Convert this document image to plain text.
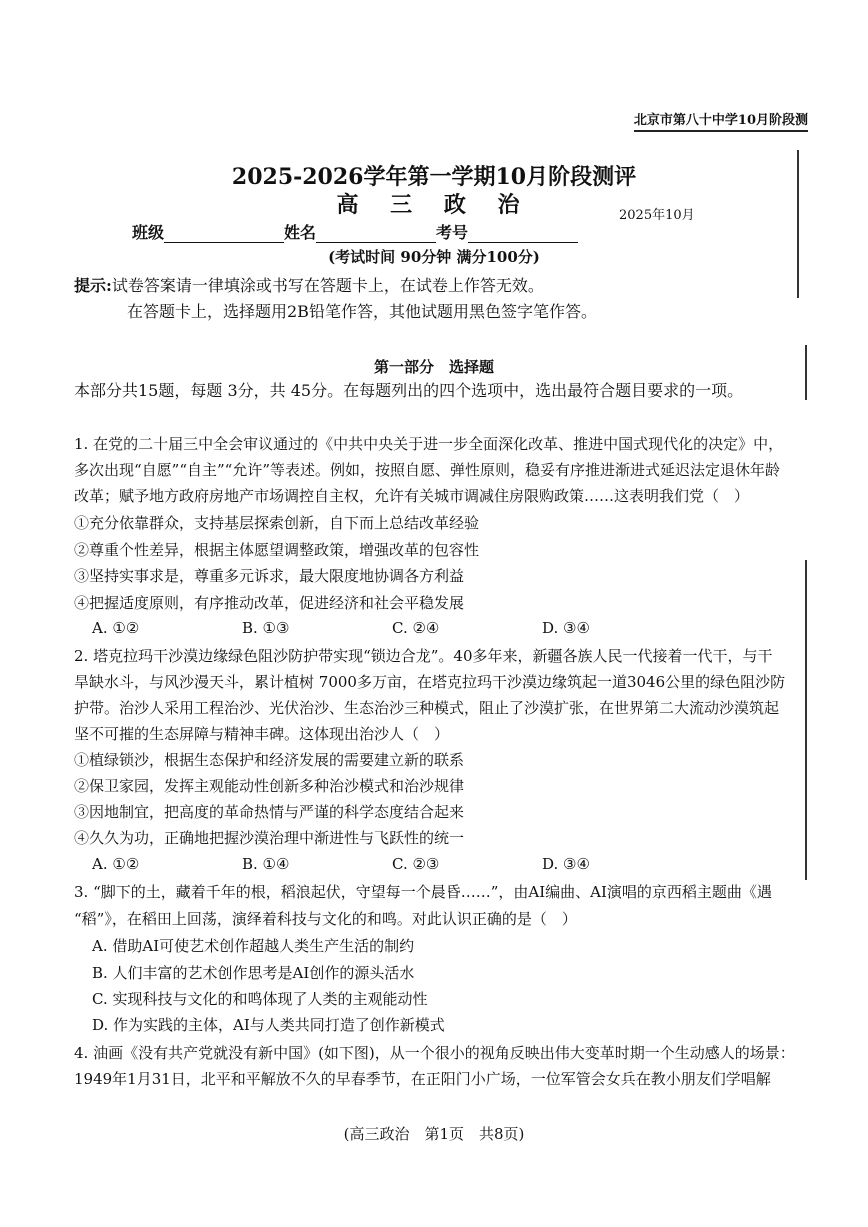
北京市第八十中学10月阶段测
2025-2026学年第一学期10月阶段测评
高 三 政 治	2025年10月
班级	姓名	考号
(考试时间 90分钟 满分100分)
提示:试卷答案请一律填涂或书写在答题卡上，在试卷上作答无效。
在答题卡上，选择题用2B铅笔作答，其他试题用黑色签字笔作答。
第一部分　选择题
本部分共15题，每题 3分，共 45分。在每题列出的四个选项中，选出最符合题目要求的一项。
1. 在党的二十届三中全会审议通过的《中共中央关于进一步全面深化改革、推进中国式现代化的决定》中，
多次出现“自愿”“自主”“允许”等表述。例如，按照自愿、弹性原则，稳妥有序推进渐进式延迟法定退休年龄
改革；赋予地方政府房地产市场调控自主权，允许有关城市调减住房限购政策……这表明我们党（　）
①充分依靠群众，支持基层探索创新，自下而上总结改革经验
②尊重个性差异，根据主体愿望调整政策，增强改革的包容性
③坚持实事求是，尊重多元诉求，最大限度地协调各方利益
④把握适度原则，有序推动改革，促进经济和社会平稳发展
A. ①②	B. ①③	C. ②④	D. ③④
2. 塔克拉玛干沙漠边缘绿色阻沙防护带实现“锁边合龙”。40多年来，新疆各族人民一代接着一代干，与干
旱缺水斗，与风沙漫天斗，累计植树 7000多万亩，在塔克拉玛干沙漠边缘筑起一道3046公里的绿色阻沙防
护带。治沙人采用工程治沙、光伏治沙、生态治沙三种模式，阻止了沙漠扩张，在世界第二大流动沙漠筑起
坚不可摧的生态屏障与精神丰碑。这体现出治沙人（　）
①植绿锁沙，根据生态保护和经济发展的需要建立新的联系
②保卫家园，发挥主观能动性创新多种治沙模式和治沙规律
③因地制宜，把高度的革命热情与严谨的科学态度结合起来
④久久为功，正确地把握沙漠治理中渐进性与飞跃性的统一
A. ①②	B. ①④	C. ②③	D. ③④
3. “脚下的土，藏着千年的根，稻浪起伏，守望每一个晨昏……”，由AI编曲、AI演唱的京西稻主题曲《遇
“稻”》，在稻田上回荡，演绎着科技与文化的和鸣。对此认识正确的是（　）
A. 借助AI可使艺术创作超越人类生产生活的制约
B. 人们丰富的艺术创作思考是AI创作的源头活水
C. 实现科技与文化的和鸣体现了人类的主观能动性
D. 作为实践的主体，AI与人类共同打造了创作新模式
4. 油画《没有共产党就没有新中国》(如下图)，从一个很小的视角反映出伟大变革时期一个生动感人的场景：
1949年1月31日，北平和平解放不久的早春季节，在正阳门小广场，一位军管会女兵在教小朋友们学唱解
(高三政治　第1页　共8页)
